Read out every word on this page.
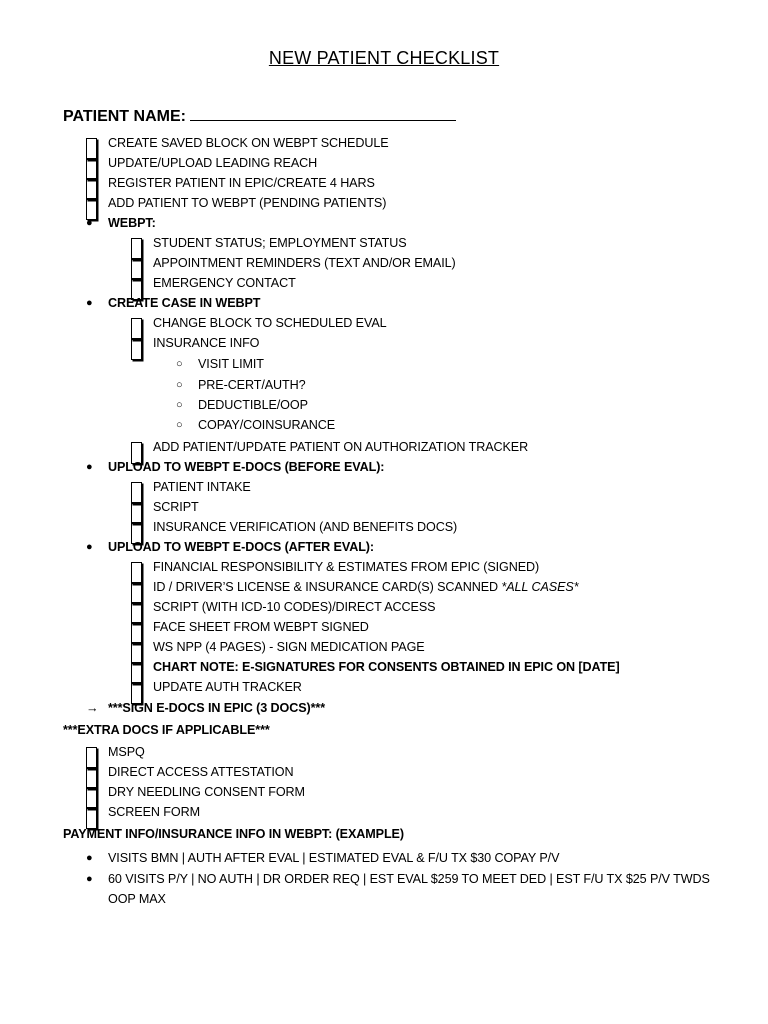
NEW PATIENT CHECKLIST
PATIENT NAME:
CREATE SAVED BLOCK ON WEBPT SCHEDULE
UPDATE/UPLOAD LEADING REACH
REGISTER PATIENT IN EPIC/CREATE 4 HARS
ADD PATIENT TO WEBPT (PENDING PATIENTS)
● WEBPT:
STUDENT STATUS; EMPLOYMENT STATUS
APPOINTMENT REMINDERS (TEXT AND/OR EMAIL)
EMERGENCY CONTACT
● CREATE CASE IN WEBPT
CHANGE BLOCK TO SCHEDULED EVAL
INSURANCE INFO
○ VISIT LIMIT
○ PRE-CERT/AUTH?
○ DEDUCTIBLE/OOP
○ COPAY/COINSURANCE
ADD PATIENT/UPDATE PATIENT ON AUTHORIZATION TRACKER
● UPLOAD TO WEBPT E-DOCS (BEFORE EVAL):
PATIENT INTAKE
SCRIPT
INSURANCE VERIFICATION (AND BENEFITS DOCS)
● UPLOAD TO WEBPT E-DOCS (AFTER EVAL):
FINANCIAL RESPONSIBILITY & ESTIMATES FROM EPIC (SIGNED)
ID / DRIVER’S LICENSE & INSURANCE CARD(S) SCANNED *ALL CASES*
SCRIPT (WITH ICD-10 CODES)/DIRECT ACCESS
FACE SHEET FROM WEBPT SIGNED
WS NPP (4 PAGES) - SIGN MEDICATION PAGE
CHART NOTE: E-SIGNATURES FOR CONSENTS OBTAINED IN EPIC ON [DATE]
UPDATE AUTH TRACKER
→ ***SIGN E-DOCS IN EPIC (3 DOCS)***
***EXTRA DOCS IF APPLICABLE***
MSPQ
DIRECT ACCESS ATTESTATION
DRY NEEDLING CONSENT FORM
SCREEN FORM
PAYMENT INFO/INSURANCE INFO IN WEBPT: (EXAMPLE)
● VISITS BMN | AUTH AFTER EVAL | ESTIMATED EVAL & F/U TX $30 COPAY P/V
● 60 VISITS P/Y | NO AUTH | DR ORDER REQ | EST EVAL $259 TO MEET DED | EST F/U TX $25 P/V TWDS
OOP MAX
